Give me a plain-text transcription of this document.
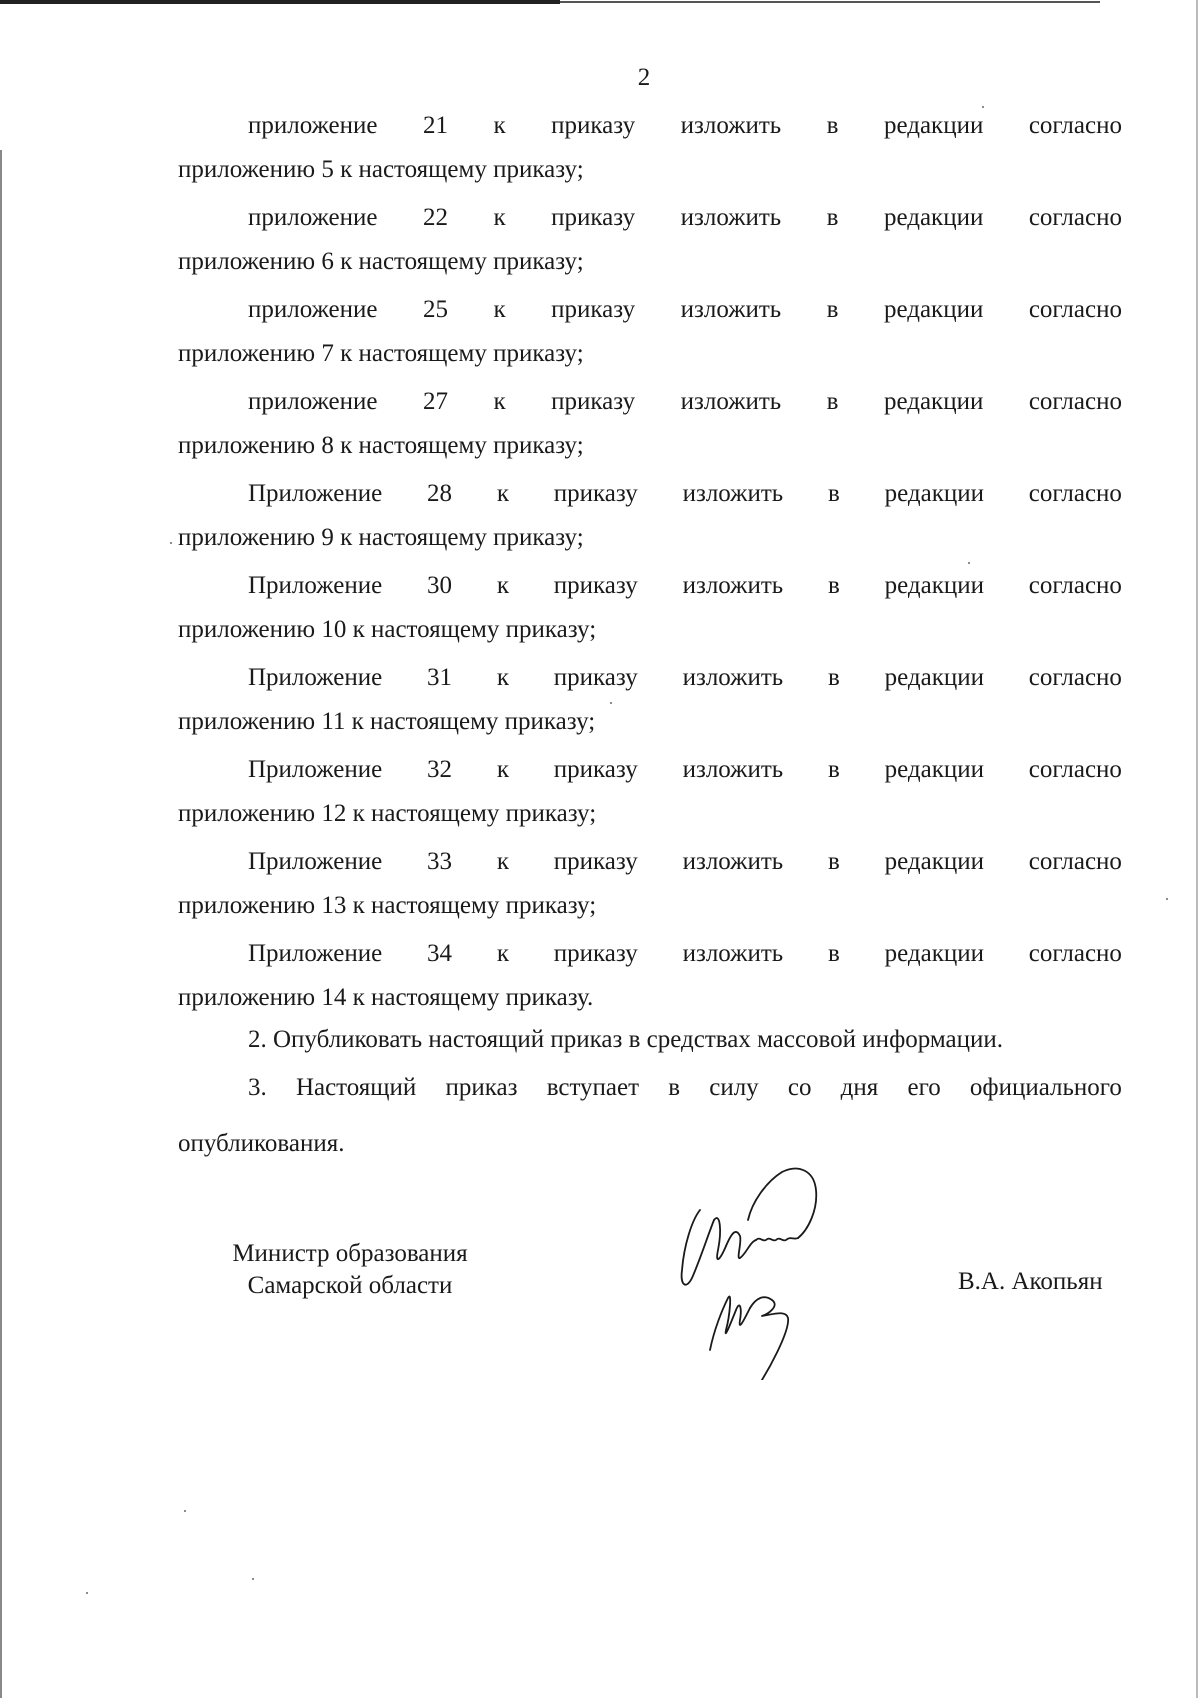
2
приложение 21 к приказу изложить в редакции согласно
приложению 5 к настоящему приказу;
приложение 22 к приказу изложить в редакции согласно
приложению 6 к настоящему приказу;
приложение 25 к приказу изложить в редакции согласно
приложению 7 к настоящему приказу;
приложение 27 к приказу изложить в редакции согласно
приложению 8 к настоящему приказу;
Приложение 28 к приказу изложить в редакции согласно
приложению 9 к настоящему приказу;
Приложение 30 к приказу изложить в редакции согласно
приложению 10 к настоящему приказу;
Приложение 31 к приказу изложить в редакции согласно
приложению 11 к настоящему приказу;
Приложение 32 к приказу изложить в редакции согласно
приложению 12 к настоящему приказу;
Приложение 33 к приказу изложить в редакции согласно
приложению 13 к настоящему приказу;
Приложение 34 к приказу изложить в редакции согласно
приложению 14 к настоящему приказу.
2. Опубликовать настоящий приказ в средствах массовой информации.
3. Настоящий приказ вступает в силу со дня его официального
опубликования.
Министр образования
Самарской области	В.А. Акопьян
